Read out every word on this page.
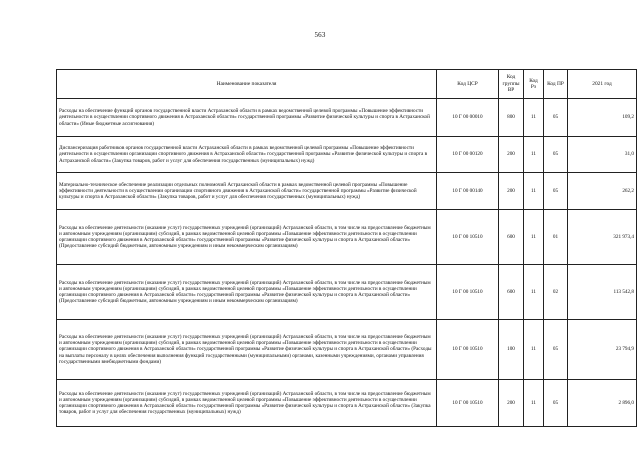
563
Наименование показателя	Код ЦСР	Код группы ВР	Код Рз	Код ПР	2021 год
Расходы на обеспечение функций органов государственной власти Астраханской области в рамках ведомственной целевой программы «Повышение эффективности деятельности в осуществлении спортивного движения в Астраханской области» государственной программы «Развитие физической культуры и спорта в Астраханской области» (Иные бюджетные ассигнования)	10 Г 00 00010	800	11	05	109,2
Диспансеризация работников органов государственной власти Астраханской области в рамках ведомственной целевой программы «Повышение эффективности деятельности в осуществлении организации спортивного движения в Астраханской области» государственной программы «Развитие физической культуры и спорта в Астраханской области» (Закупка товаров, работ и услуг для обеспечения государственных (муниципальных) нужд)	10 Г 00 00120	200	11	05	31,0
Материально-техническое обеспечение реализации отдельных полномочий Астраханской области в рамках ведомственной целевой программы «Повышение эффективности деятельности в осуществлении организации спортивного движения в Астраханской области» государственной программы «Развитие физической культуры и спорта в Астраханской области» (Закупка товаров, работ и услуг для обеспечения государственных (муниципальных) нужд)	10 Г 00 00140	200	11	05	262,2
Расходы на обеспечение деятельности (оказание услуг) государственных учреждений (организаций) Астраханской области, в том числе на предоставление бюджетным и автономным учреждениям (организациям) субсидий, в рамках ведомственной целевой программы «Повышение эффективности деятельности в осуществлении организации спортивного движения в Астраханской области» государственной программы «Развитие физической культуры и спорта в Астраханской области» (Предоставление субсидий бюджетным, автономным учреждениям и иным некоммерческим организациям)	10 Г 00 10510	600	11	01	321 973,4
Расходы на обеспечение деятельности (оказание услуг) государственных учреждений (организаций) Астраханской области, в том числе на предоставление бюджетным и автономным учреждениям (организациям) субсидий, в рамках ведомственной целевой программы «Повышение эффективности деятельности в осуществлении организации спортивного движения в Астраханской области» государственной программы «Развитие физической культуры и спорта в Астраханской области» (Предоставление субсидий бюджетным, автономным учреждениям и иным некоммерческим организациям)	10 Г 00 10510	600	11	02	113 542,8
Расходы на обеспечение деятельности (оказание услуг) государственных учреждений (организаций) Астраханской области, в том числе на предоставление бюджетным и автономным учреждениям (организациям) субсидий, в рамках ведомственной целевой программы «Повышение эффективности деятельности в осуществлении организации спортивного движения в Астраханской области» государственной программы «Развитие физической культуры и спорта в Астраханской области» (Расходы на выплаты персоналу в целях обеспечения выполнения функций государственными (муниципальными) органами, казенными учреждениями, органами управления государственными внебюджетными фондами)	10 Г 00 10510	100	11	05	23 794,9
Расходы на обеспечение деятельности (оказание услуг) государственных учреждений (организаций) Астраханской области, в том числе на предоставление бюджетным и автономным учреждениям (организациям) субсидий, в рамках ведомственной целевой программы «Повышение эффективности деятельности в осуществлении организации спортивного движения в Астраханской области» государственной программы «Развитие физической культуры и спорта в Астраханской области» (Закупка товаров, работ и услуг для обеспечения государственных (муниципальных) нужд)	10 Г 00 10510	200	11	05	2 896,0
